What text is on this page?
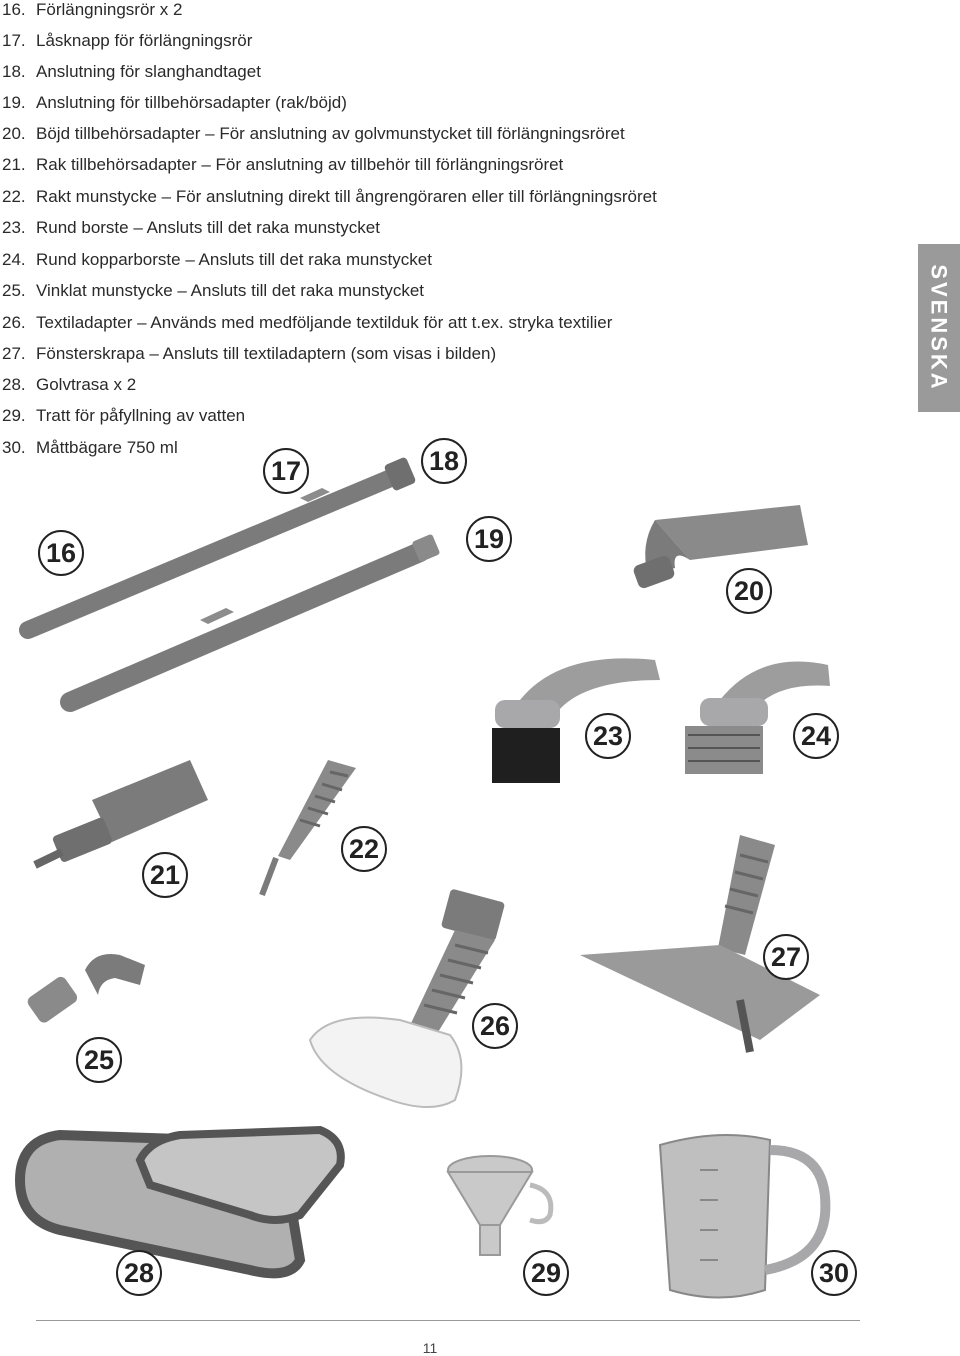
16. Förlängningsrör x 2
17. Låsknapp för förlängningsrör
18. Anslutning för slanghandtaget
19. Anslutning för tillbehörsadapter (rak/böjd)
20. Böjd tillbehörsadapter – För anslutning av golvmunstycket till förlängningsröret
21. Rak tillbehörsadapter – För anslutning av tillbehör till förlängningsröret
22. Rakt munstycke – För anslutning direkt till ångrengöraren eller till förlängningsröret
23. Rund borste – Ansluts till det raka munstycket
24. Rund kopparborste – Ansluts till det raka munstycket
25. Vinklat munstycke – Ansluts till det raka munstycket
26. Textiladapter – Används med medföljande textilduk för att t.ex. stryka textilier
27. Fönsterskrapa – Ansluts till textiladaptern (som visas i bilden)
28. Golvtrasa x 2
29. Tratt för påfyllning av vatten
30. Måttbägare 750 ml
SVENSKA
16
17	18
19
20
21
22
23	24
25
26
27
28	29	30
11
